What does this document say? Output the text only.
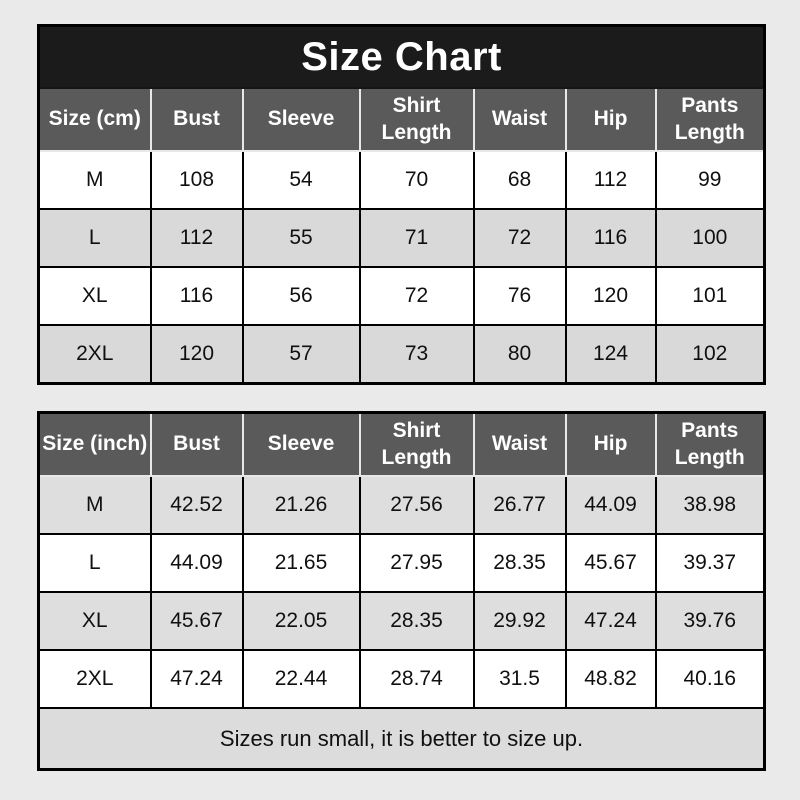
Size Chart						
Size (cm)	Bust	Sleeve	Shirt Length	Waist	Hip	Pants Length
M	108	54	70	68	112	99
L	112	55	71	72	116	100
XL	116	56	72	76	120	101
2XL	120	57	73	80	124	102
Size (inch)	Bust	Sleeve	Shirt Length	Waist	Hip	Pants Length
M	42.52	21.26	27.56	26.77	44.09	38.98
L	44.09	21.65	27.95	28.35	45.67	39.37
XL	45.67	22.05	28.35	29.92	47.24	39.76
2XL	47.24	22.44	28.74	31.5	48.82	40.16
Sizes run small, it is better to size up.						
